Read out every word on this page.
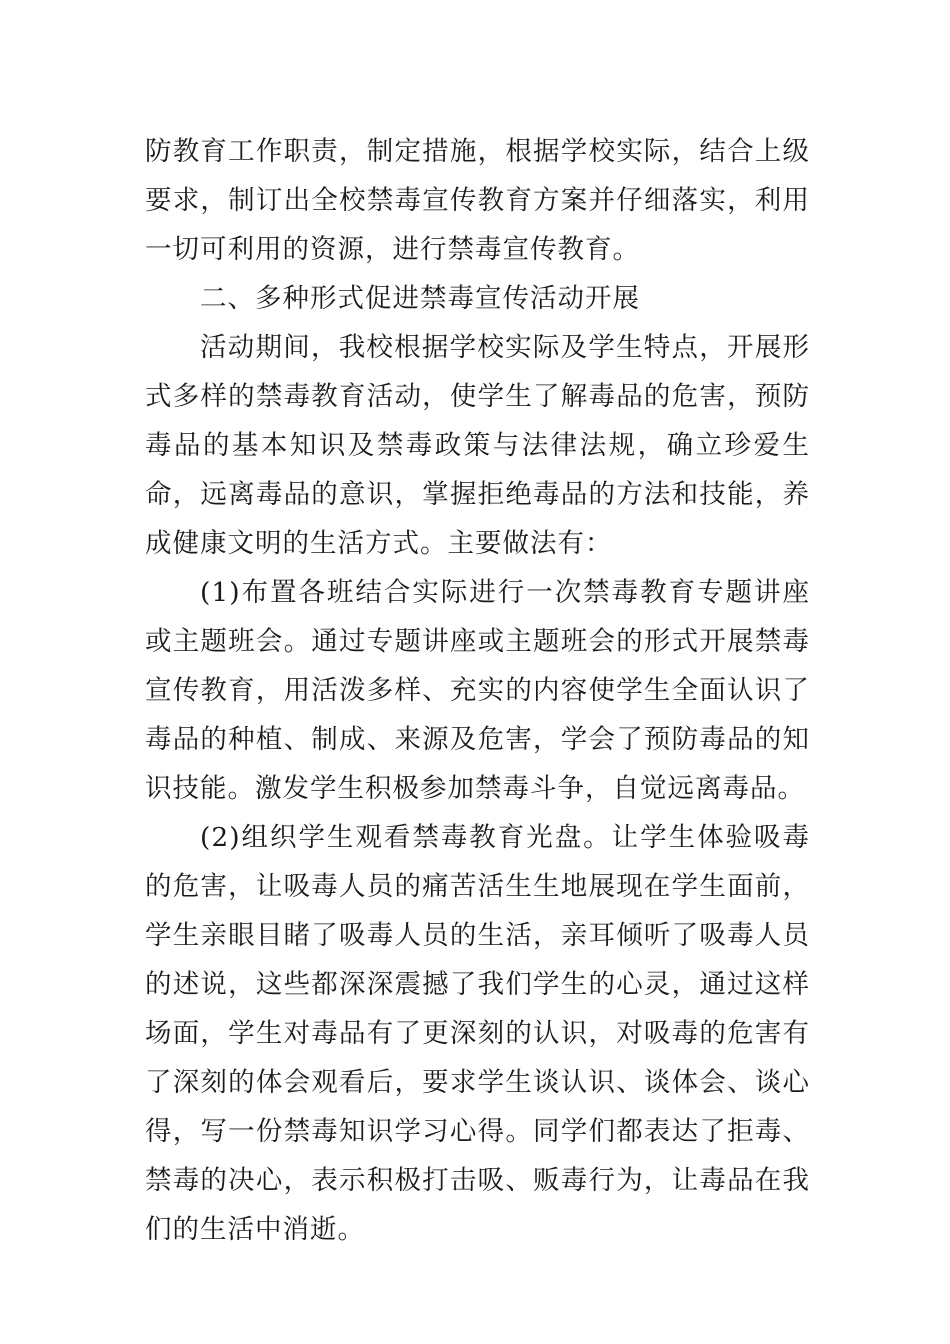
防教育工作职责，制定措施，根据学校实际，结合上级要求，制订出全校禁毒宣传教育方案并仔细落实，利用一切可利用的资源，进行禁毒宣传教育。

二、多种形式促进禁毒宣传活动开展

活动期间，我校根据学校实际及学生特点，开展形式多样的禁毒教育活动，使学生了解毒品的危害，预防毒品的基本知识及禁毒政策与法律法规，确立珍爱生命，远离毒品的意识，掌握拒绝毒品的方法和技能，养成健康文明的生活方式。主要做法有：

(1)布置各班结合实际进行一次禁毒教育专题讲座或主题班会。通过专题讲座或主题班会的形式开展禁毒宣传教育，用活泼多样、充实的内容使学生全面认识了毒品的种植、制成、来源及危害，学会了预防毒品的知识技能。激发学生积极参加禁毒斗争，自觉远离毒品。

(2)组织学生观看禁毒教育光盘。让学生体验吸毒的危害，让吸毒人员的痛苦活生生地展现在学生面前，学生亲眼目睹了吸毒人员的生活，亲耳倾听了吸毒人员的述说，这些都深深震撼了我们学生的心灵，通过这样场面，学生对毒品有了更深刻的认识，对吸毒的危害有了深刻的体会观看后，要求学生谈认识、谈体会、谈心得，写一份禁毒知识学习心得。同学们都表达了拒毒、禁毒的决心，表示积极打击吸、贩毒行为，让毒品在我们的生活中消逝。
